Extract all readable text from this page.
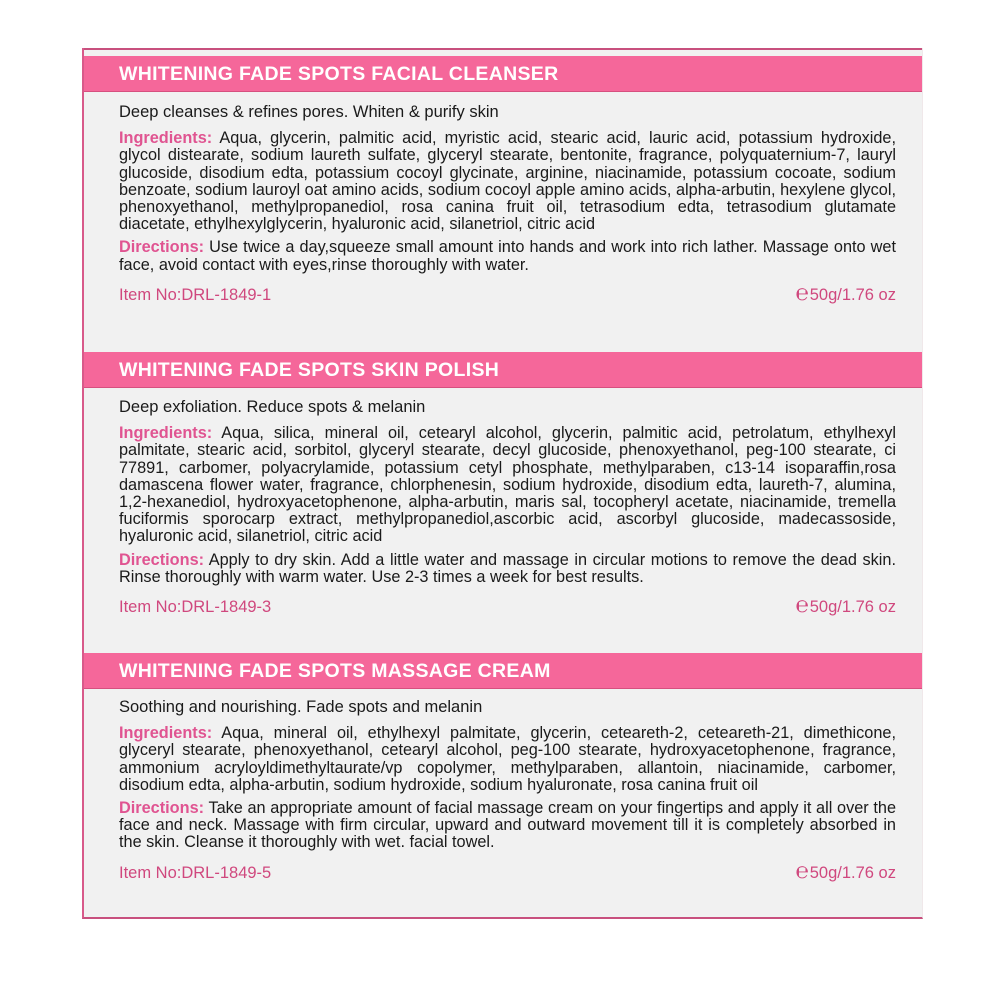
WHITENING FADE SPOTS FACIAL CLEANSER

Deep cleanses & refines pores. Whiten & purify skin

Ingredients: Aqua, glycerin, palmitic acid, myristic acid, stearic acid, lauric acid, potassium hydroxide, glycol distearate, sodium laureth sulfate, glyceryl stearate, bentonite, fragrance, polyquaternium-7, lauryl glucoside, disodium edta, potassium cocoyl glycinate, arginine, niacinamide, potassium cocoate, sodium benzoate, sodium lauroyl oat amino acids, sodium cocoyl apple amino acids, alpha-arbutin, hexylene glycol, phenoxyethanol, methylpropanediol, rosa canina fruit oil, tetrasodium edta, tetrasodium glutamate diacetate, ethylhexylglycerin, hyaluronic acid, silanetriol, citric acid

Directions: Use twice a day,squeeze small amount into hands and work into rich lather. Massage onto wet face, avoid contact with eyes,rinse thoroughly with water.

Item No:DRL-1849-1	℮ 50g/1.76 oz
WHITENING FADE SPOTS SKIN POLISH

Deep exfoliation. Reduce spots & melanin

Ingredients: Aqua, silica, mineral oil, cetearyl alcohol, glycerin, palmitic acid, petrolatum, ethylhexyl palmitate, stearic acid, sorbitol, glyceryl stearate, decyl glucoside, phenoxyethanol, peg-100 stearate, ci 77891, carbomer, polyacrylamide, potassium cetyl phosphate, methylparaben, c13-14 isoparaffin,rosa damascena flower water, fragrance, chlorphenesin, sodium hydroxide, disodium edta, laureth-7, alumina, 1,2-hexanediol, hydroxyacetophenone, alpha-arbutin, maris sal, tocopheryl acetate, niacinamide, tremella fuciformis sporocarp extract, methylpropanediol,ascorbic acid, ascorbyl glucoside, madecassoside, hyaluronic acid, silanetriol, citric acid

Directions: Apply to dry skin. Add a little water and massage in circular motions to remove the dead skin. Rinse thoroughly with warm water. Use 2-3 times a week for best results.

Item No:DRL-1849-3	℮ 50g/1.76 oz
WHITENING FADE SPOTS MASSAGE CREAM

Soothing and nourishing. Fade spots and melanin

Ingredients: Aqua, mineral oil, ethylhexyl palmitate, glycerin, ceteareth-2, ceteareth-21, dimethicone, glyceryl stearate, phenoxyethanol, cetearyl alcohol, peg-100 stearate, hydroxyacetophenone, fragrance, ammonium acryloyldimethyltaurate/vp copolymer, methylparaben, allantoin, niacinamide, carbomer, disodium edta, alpha-arbutin, sodium hydroxide, sodium hyaluronate, rosa canina fruit oil

Directions: Take an appropriate amount of facial massage cream on your fingertips and apply it all over the face and neck. Massage with firm circular, upward and outward movement till it is completely absorbed in the skin. Cleanse it thoroughly with wet. facial towel.

Item No:DRL-1849-5	℮ 50g/1.76 oz
